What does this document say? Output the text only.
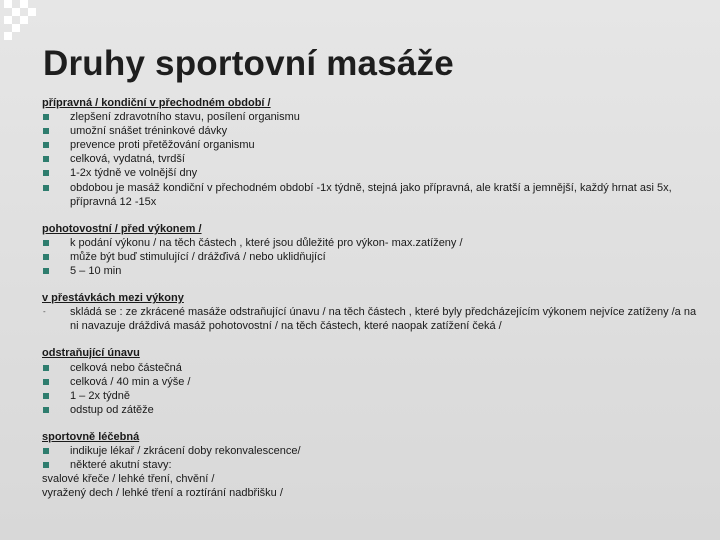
Druhy sportovní masáže
přípravná / kondiční v přechodném období /
zlepšení zdravotního stavu, posílení organismu
umožní snášet tréninkové dávky
prevence proti přetěžování organismu
celková, vydatná, tvrdší
1-2x týdně ve volnější dny
obdobou je masáž kondiční v přechodném období -1x týdně, stejná jako přípravná, ale kratší a jemnější, každý hrnat asi 5x, přípravná 12 -15x
pohotovostní / před výkonem /
k podání výkonu / na těch částech , které jsou důležité pro výkon- max.zatíženy /
může být buď stimulující / drážďivá / nebo uklidňující
5 – 10 min
v přestávkách mezi výkony
- skládá se : ze zkrácené masáže odstraňující únavu / na těch částech , které byly předcházejícím výkonem nejvíce zatíženy /a na ni navazuje dráždivá masáž pohotovostní / na těch částech, které naopak zatížení čeká /
odstraňující únavu
celková nebo částečná
celková / 40 min a výše /
1 – 2x týdně
odstup od zátěže
sportovně léčebná
indikuje lékař / zkrácení doby rekonvalescence/
některé akutní stavy:
svalové křeče / lehké tření, chvění /
vyražený dech / lehké tření a roztírání nadbřišku /
